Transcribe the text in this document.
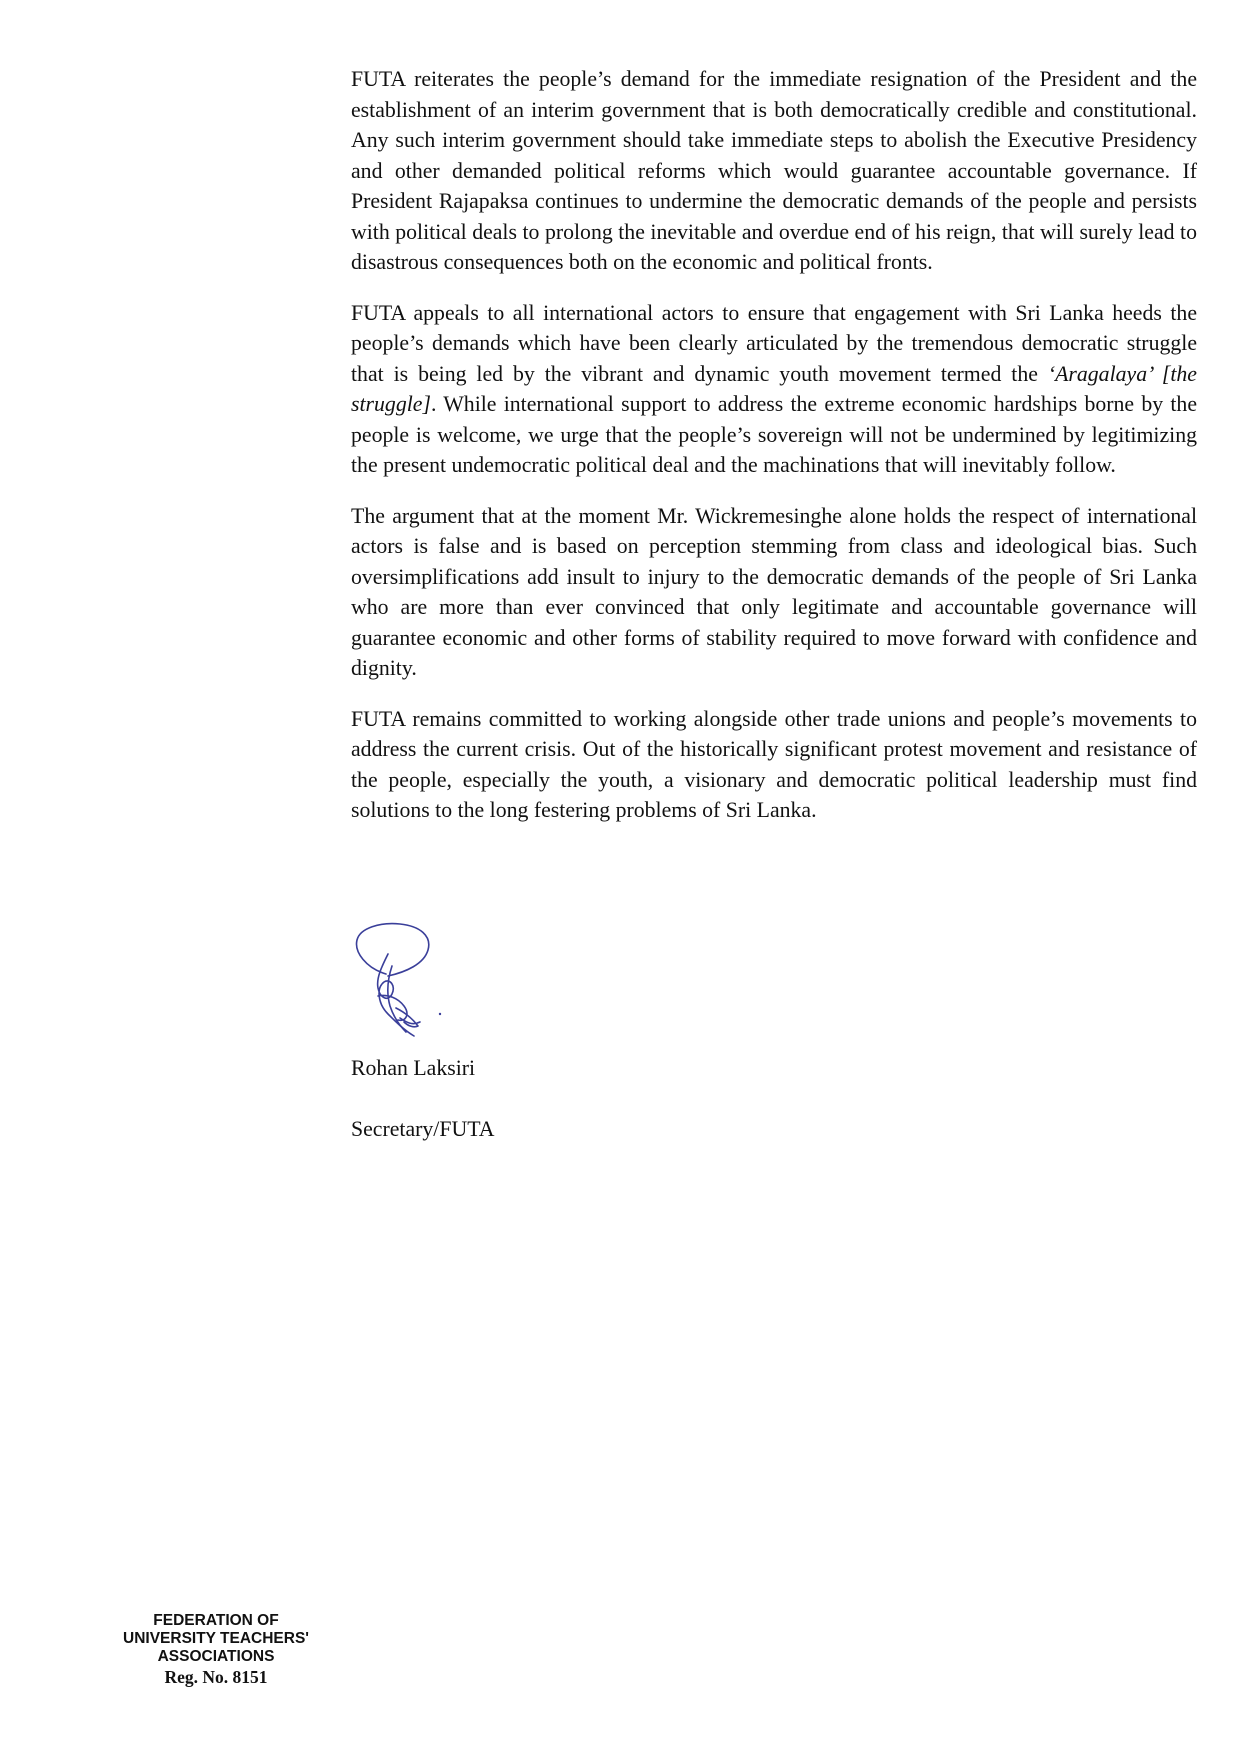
FUTA reiterates the people’s demand for the immediate resignation of the President and the establishment of an interim government that is both democratically credible and constitutional. Any such interim government should take immediate steps to abolish the Executive Presidency and other demanded political reforms which would guarantee accountable governance. If President Rajapaksa continues to undermine the democratic demands of the people and persists with political deals to prolong the inevitable and overdue end of his reign, that will surely lead to disastrous consequences both on the economic and political fronts.

FUTA appeals to all international actors to ensure that engagement with Sri Lanka heeds the people’s demands which have been clearly articulated by the tremendous democratic struggle that is being led by the vibrant and dynamic youth movement termed the ‘Aragalaya’ [the struggle]. While international support to address the extreme economic hardships borne by the people is welcome, we urge that the people’s sovereign will not be undermined by legitimizing the present undemocratic political deal and the machinations that will inevitably follow.

The argument that at the moment Mr. Wickremesinghe alone holds the respect of international actors is false and is based on perception stemming from class and ideological bias. Such oversimplifications add insult to injury to the democratic demands of the people of Sri Lanka who are more than ever convinced that only legitimate and accountable governance will guarantee economic and other forms of stability required to move forward with confidence and dignity.

FUTA remains committed to working alongside other trade unions and people’s movements to address the current crisis. Out of the historically significant protest movement and resistance of the people, especially the youth, a visionary and democratic political leadership must find solutions to the long festering problems of Sri Lanka.

Rohan Laksiri

Secretary/FUTA

FEDERATION OF
UNIVERSITY TEACHERS'
ASSOCIATIONS
Reg. No. 8151
